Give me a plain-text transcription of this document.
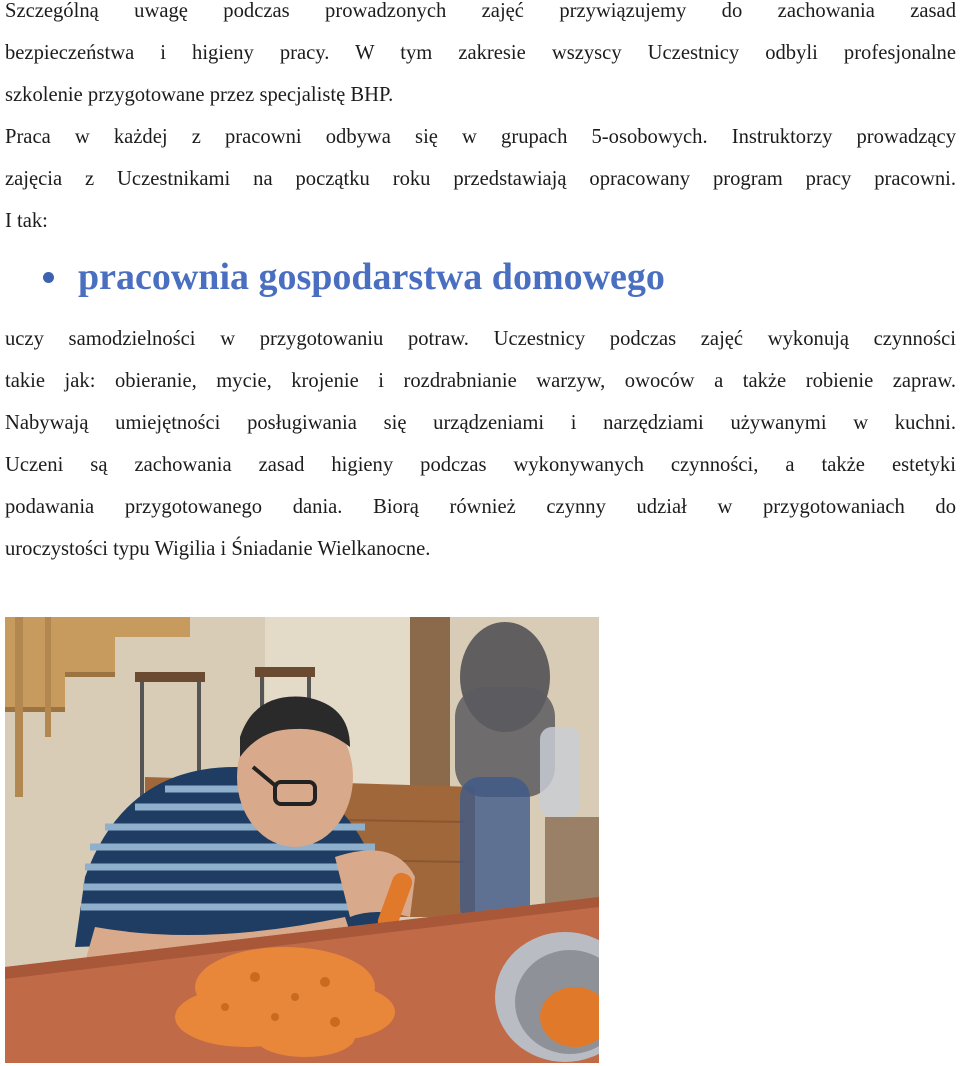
Szczególną uwagę podczas prowadzonych zajęć przywiązujemy do zachowania zasad
bezpieczeństwa i higieny pracy. W tym zakresie wszyscy Uczestnicy odbyli profesjonalne
szkolenie przygotowane przez specjalistę BHP.
Praca w każdej z pracowni odbywa się w grupach 5-osobowych. Instruktorzy prowadzący
zajęcia z Uczestnikami na początku roku przedstawiają opracowany program pracy pracowni.
I tak:
pracownia gospodarstwa domowego
uczy samodzielności w przygotowaniu potraw. Uczestnicy podczas zajęć wykonują czynności
takie jak: obieranie, mycie, krojenie i rozdrabnianie warzyw, owoców a także robienie zapraw.
Nabywają umiejętności posługiwania się urządzeniami i narzędziami używanymi w kuchni.
Uczeni są zachowania zasad higieny podczas wykonywanych czynności, a także estetyki
podawania przygotowanego dania. Biorą również czynny udział w przygotowaniach do
uroczystości typu Wigilia i Śniadanie Wielkanocne.
